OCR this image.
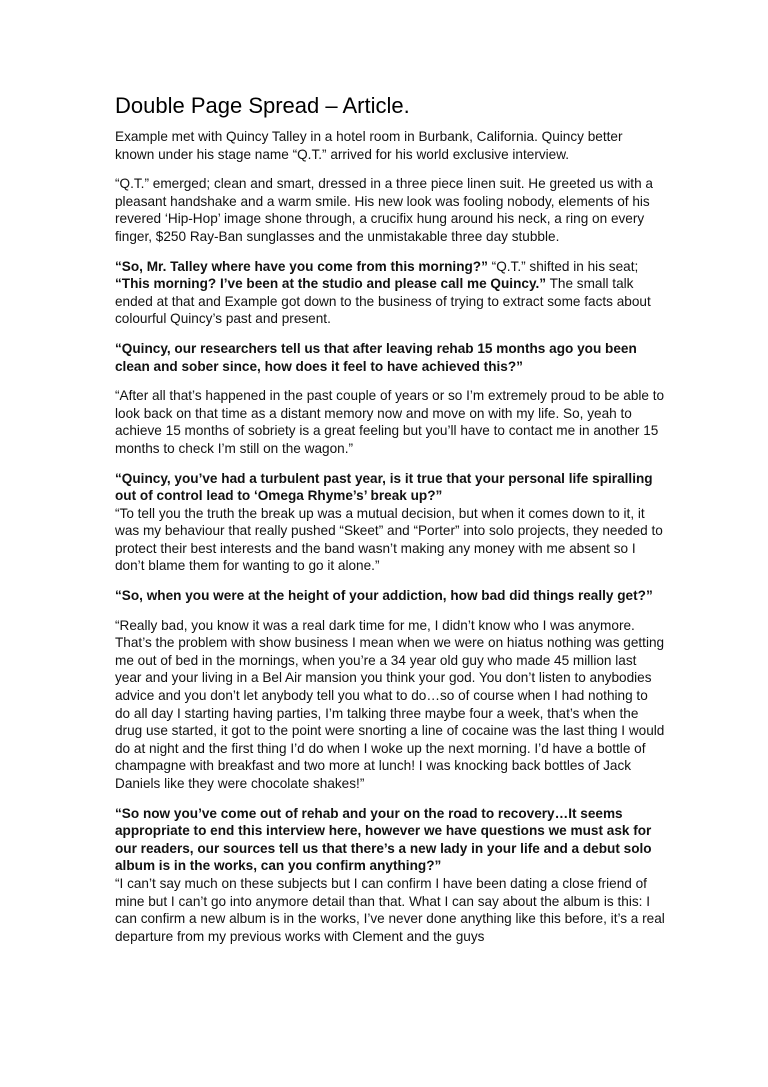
Double Page Spread – Article.

Example met with Quincy Talley in a hotel room in Burbank, California. Quincy better known under his stage name “Q.T.” arrived for his world exclusive interview.

“Q.T.” emerged; clean and smart, dressed in a three piece linen suit. He greeted us with a pleasant handshake and a warm smile. His new look was fooling nobody, elements of his revered ‘Hip-Hop’ image shone through, a crucifix hung around his neck, a ring on every finger, $250 Ray-Ban sunglasses and the unmistakable three day stubble.

“So, Mr. Talley where have you come from this morning?” “Q.T.” shifted in his seat; “This morning? I’ve been at the studio and please call me Quincy.” The small talk ended at that and Example got down to the business of trying to extract some facts about colourful Quincy’s past and present.

“Quincy, our researchers tell us that after leaving rehab 15 months ago you been clean and sober since, how does it feel to have achieved this?”

“After all that’s happened in the past couple of years or so I’m extremely proud to be able to look back on that time as a distant memory now and move on with my life. So, yeah to achieve 15 months of sobriety is a great feeling but you’ll have to contact me in another 15 months to check I’m still on the wagon.”

“Quincy, you’ve had a turbulent past year, is it true that your personal life spiralling out of control lead to ‘Omega Rhyme’s’ break up?”

“To tell you the truth the break up was a mutual decision, but when it comes down to it, it was my behaviour that really pushed “Skeet” and “Porter” into solo projects, they needed to protect their best interests and the band wasn’t making any money with me absent so I don’t blame them for wanting to go it alone.”

“So, when you were at the height of your addiction, how bad did things really get?”

“Really bad, you know it was a real dark time for me, I didn’t know who I was anymore. That’s the problem with show business I mean when we were on hiatus nothing was getting me out of bed in the mornings, when you’re a 34 year old guy who made 45 million last year and your living in a Bel Air mansion you think your god. You don’t listen to anybodies advice and you don’t let anybody tell you what to do…so of course when I had nothing to do all day I starting having parties, I’m talking three maybe four a week, that’s when the drug use started, it got to the point were snorting a line of cocaine was the last thing I would do at night and the first thing I’d do when I woke up the next morning. I’d have a bottle of champagne with breakfast and two more at lunch! I was knocking back bottles of Jack Daniels like they were chocolate shakes!”

“So now you’ve come out of rehab and your on the road to recovery…It seems appropriate to end this interview here, however we have questions we must ask for our readers, our sources tell us that there’s a new lady in your life and a debut solo album is in the works, can you confirm anything?”

“I can’t say much on these subjects but I can confirm I have been dating a close friend of mine but I can’t go into anymore detail than that. What I can say about the album is this: I can confirm a new album is in the works, I’ve never done anything like this before, it’s a real departure from my previous works with Clement and the guys
